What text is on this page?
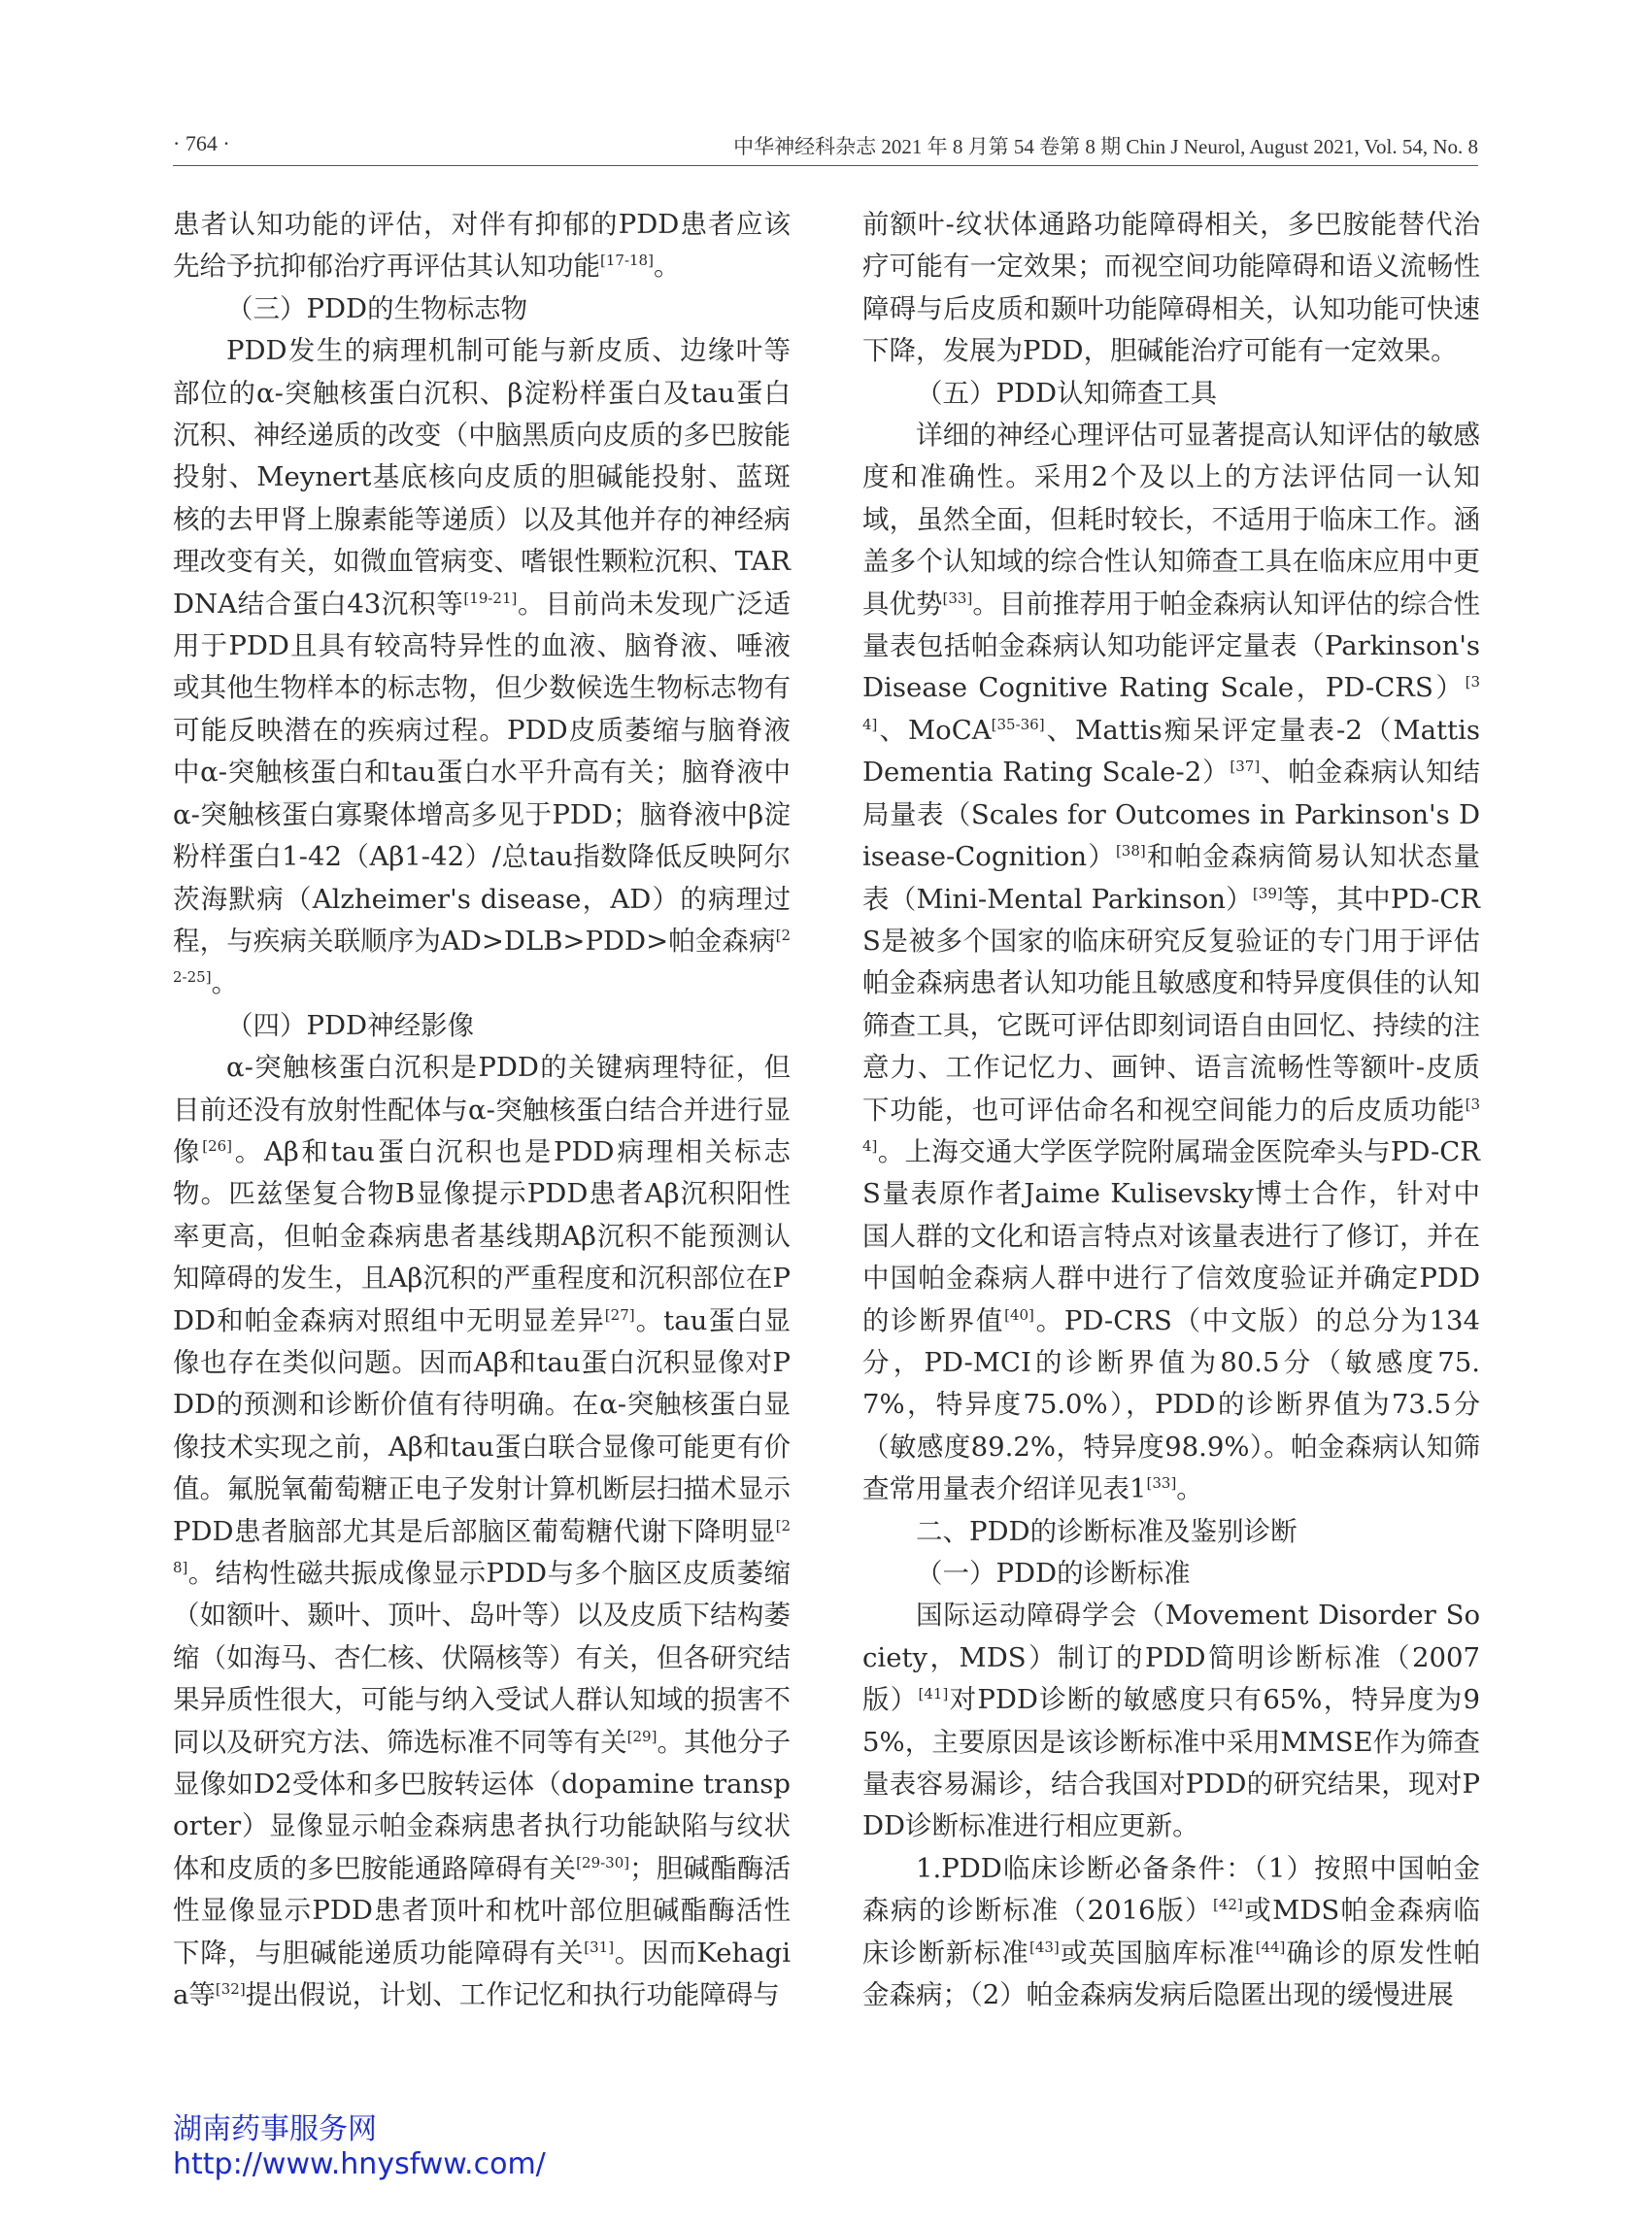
· 764 ·	中华神经科杂志 2021 年 8 月第 54 卷第 8 期 Chin J Neurol, August 2021, Vol. 54, No. 8

患者认知功能的评估，对伴有抑郁的PDD患者应该先给予抗抑郁治疗再评估其认知功能[17-18]。

（三）PDD的生物标志物

PDD发生的病理机制可能与新皮质、边缘叶等部位的α-突触核蛋白沉积、β淀粉样蛋白及tau蛋白沉积、神经递质的改变（中脑黑质向皮质的多巴胺能投射、Meynert基底核向皮质的胆碱能投射、蓝斑核的去甲肾上腺素能等递质）以及其他并存的神经病理改变有关，如微血管病变、嗜银性颗粒沉积、TAR DNA结合蛋白43沉积等[19-21]。目前尚未发现广泛适用于PDD且具有较高特异性的血液、脑脊液、唾液或其他生物样本的标志物，但少数候选生物标志物有可能反映潜在的疾病过程。PDD皮质萎缩与脑脊液中α-突触核蛋白和tau蛋白水平升高有关；脑脊液中α-突触核蛋白寡聚体增高多见于PDD；脑脊液中β淀粉样蛋白1-42（Aβ1-42）/总tau指数降低反映阿尔茨海默病（Alzheimer's disease，AD）的病理过程，与疾病关联顺序为AD>DLB>PDD>帕金森病[22-25]。

（四）PDD神经影像

α-突触核蛋白沉积是PDD的关键病理特征，但目前还没有放射性配体与α-突触核蛋白结合并进行显像[26]。Aβ和tau蛋白沉积也是PDD病理相关标志物。匹兹堡复合物B显像提示PDD患者Aβ沉积阳性率更高，但帕金森病患者基线期Aβ沉积不能预测认知障碍的发生，且Aβ沉积的严重程度和沉积部位在PDD和帕金森病对照组中无明显差异[27]。tau蛋白显像也存在类似问题。因而Aβ和tau蛋白沉积显像对PDD的预测和诊断价值有待明确。在α-突触核蛋白显像技术实现之前，Aβ和tau蛋白联合显像可能更有价值。氟脱氧葡萄糖正电子发射计算机断层扫描术显示PDD患者脑部尤其是后部脑区葡萄糖代谢下降明显[28]。结构性磁共振成像显示PDD与多个脑区皮质萎缩（如额叶、颞叶、顶叶、岛叶等）以及皮质下结构萎缩（如海马、杏仁核、伏隔核等）有关，但各研究结果异质性很大，可能与纳入受试人群认知域的损害不同以及研究方法、筛选标准不同等有关[29]。其他分子显像如D2受体和多巴胺转运体（dopamine transporter）显像显示帕金森病患者执行功能缺陷与纹状体和皮质的多巴胺能通路障碍有关[29-30]；胆碱酯酶活性显像显示PDD患者顶叶和枕叶部位胆碱酯酶活性下降，与胆碱能递质功能障碍有关[31]。因而Kehagia等[32]提出假说，计划、工作记忆和执行功能障碍与

前额叶-纹状体通路功能障碍相关，多巴胺能替代治疗可能有一定效果；而视空间功能障碍和语义流畅性障碍与后皮质和颞叶功能障碍相关，认知功能可快速下降，发展为PDD，胆碱能治疗可能有一定效果。

（五）PDD认知筛查工具

详细的神经心理评估可显著提高认知评估的敏感度和准确性。采用2个及以上的方法评估同一认知域，虽然全面，但耗时较长，不适用于临床工作。涵盖多个认知域的综合性认知筛查工具在临床应用中更具优势[33]。目前推荐用于帕金森病认知评估的综合性量表包括帕金森病认知功能评定量表（Parkinson's Disease Cognitive Rating Scale，PD-CRS）[34]、MoCA[35-36]、Mattis痴呆评定量表-2（Mattis Dementia Rating Scale-2）[37]、帕金森病认知结局量表（Scales for Outcomes in Parkinson's Disease-Cognition）[38]和帕金森病简易认知状态量表（Mini-Mental Parkinson）[39]等，其中PD-CRS是被多个国家的临床研究反复验证的专门用于评估帕金森病患者认知功能且敏感度和特异度俱佳的认知筛查工具，它既可评估即刻词语自由回忆、持续的注意力、工作记忆力、画钟、语言流畅性等额叶-皮质下功能，也可评估命名和视空间能力的后皮质功能[34]。上海交通大学医学院附属瑞金医院牵头与PD-CRS量表原作者Jaime Kulisevsky博士合作，针对中国人群的文化和语言特点对该量表进行了修订，并在中国帕金森病人群中进行了信效度验证并确定PDD的诊断界值[40]。PD-CRS（中文版）的总分为134分，PD-MCI的诊断界值为80.5分（敏感度75.7%，特异度75.0%），PDD的诊断界值为73.5分（敏感度89.2%，特异度98.9%）。帕金森病认知筛查常用量表介绍详见表1[33]。

二、PDD的诊断标准及鉴别诊断

（一）PDD的诊断标准

国际运动障碍学会（Movement Disorder Society，MDS）制订的PDD简明诊断标准（2007版）[41]对PDD诊断的敏感度只有65%，特异度为95%，主要原因是该诊断标准中采用MMSE作为筛查量表容易漏诊，结合我国对PDD的研究结果，现对PDD诊断标准进行相应更新。

1.PDD临床诊断必备条件：（1）按照中国帕金森病的诊断标准（2016版）[42]或MDS帕金森病临床诊断新标准[43]或英国脑库标准[44]确诊的原发性帕金森病；（2）帕金森病发病后隐匿出现的缓慢进展

湖南药事服务网
http://www.hnysfww.com/
